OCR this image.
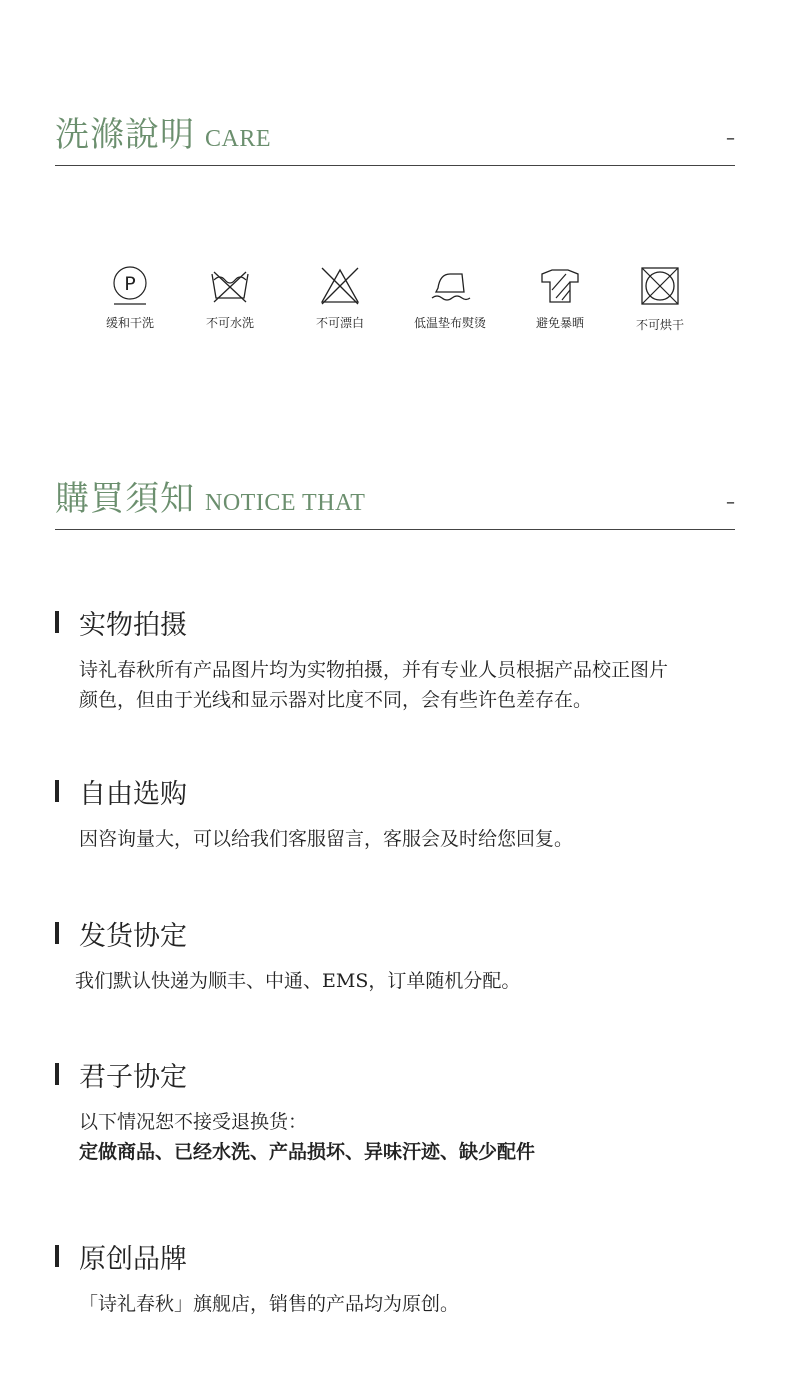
洗滌說明 CARE	–
P
缓和干洗	不可水洗	不可漂白	低温垫布熨烫	避免暴晒	不可烘干
購買須知 NOTICE THAT	–
实物拍摄

诗礼春秋所有产品图片均为实物拍摄，并有专业人员根据产品校正图片

颜色，但由于光线和显示器对比度不同，会有些许色差存在。

自由选购

因咨询量大，可以给我们客服留言，客服会及时给您回复。

发货协定

我们默认快递为顺丰、中通、EMS，订单随机分配。

君子协定

以下情况恕不接受退换货：

定做商品、已经水洗、产品损坏、异味汗迹、缺少配件

原创品牌

「诗礼春秋」旗舰店，销售的产品均为原创。
